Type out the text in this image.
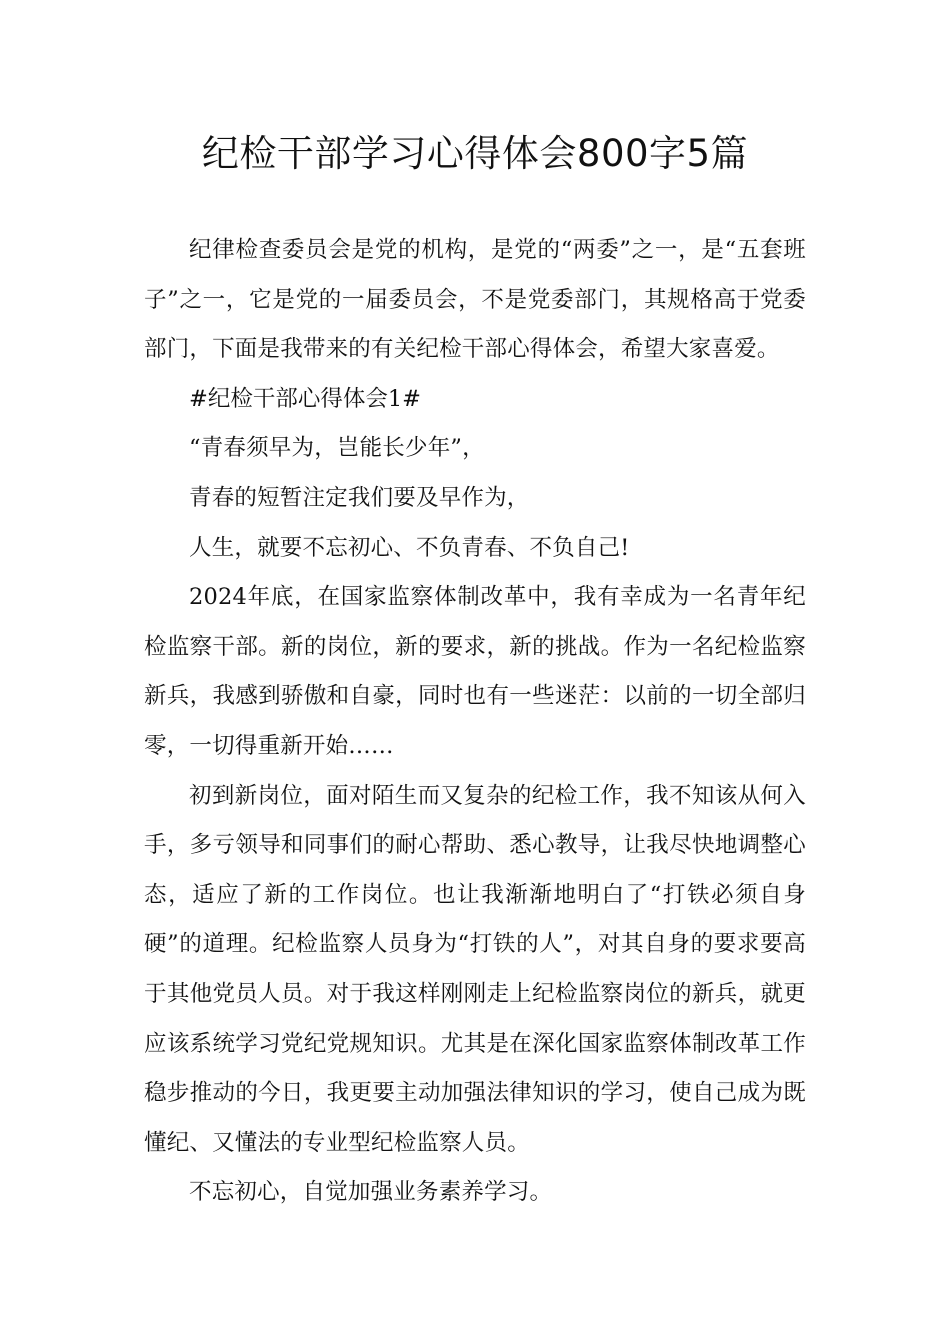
纪检干部学习心得体会800字5篇

纪律检查委员会是党的机构，是党的“两委”之一，是“五套班子”之一，它是党的一届委员会，不是党委部门，其规格高于党委部门，下面是我带来的有关纪检干部心得体会，希望大家喜爱。

#纪检干部心得体会1#

“青春须早为，岂能长少年”，

青春的短暂注定我们要及早作为，

人生，就要不忘初心、不负青春、不负自己!

2024年底，在国家监察体制改革中，我有幸成为一名青年纪检监察干部。新的岗位，新的要求，新的挑战。作为一名纪检监察新兵，我感到骄傲和自豪，同时也有一些迷茫：以前的一切全部归零，一切得重新开始……

初到新岗位，面对陌生而又复杂的纪检工作，我不知该从何入手，多亏领导和同事们的耐心帮助、悉心教导，让我尽快地调整心态，适应了新的工作岗位。也让我渐渐地明白了“打铁必须自身硬”的道理。纪检监察人员身为“打铁的人”，对其自身的要求要高于其他党员人员。对于我这样刚刚走上纪检监察岗位的新兵，就更应该系统学习党纪党规知识。尤其是在深化国家监察体制改革工作稳步推动的今日，我更要主动加强法律知识的学习，使自己成为既懂纪、又懂法的专业型纪检监察人员。

不忘初心，自觉加强业务素养学习。
